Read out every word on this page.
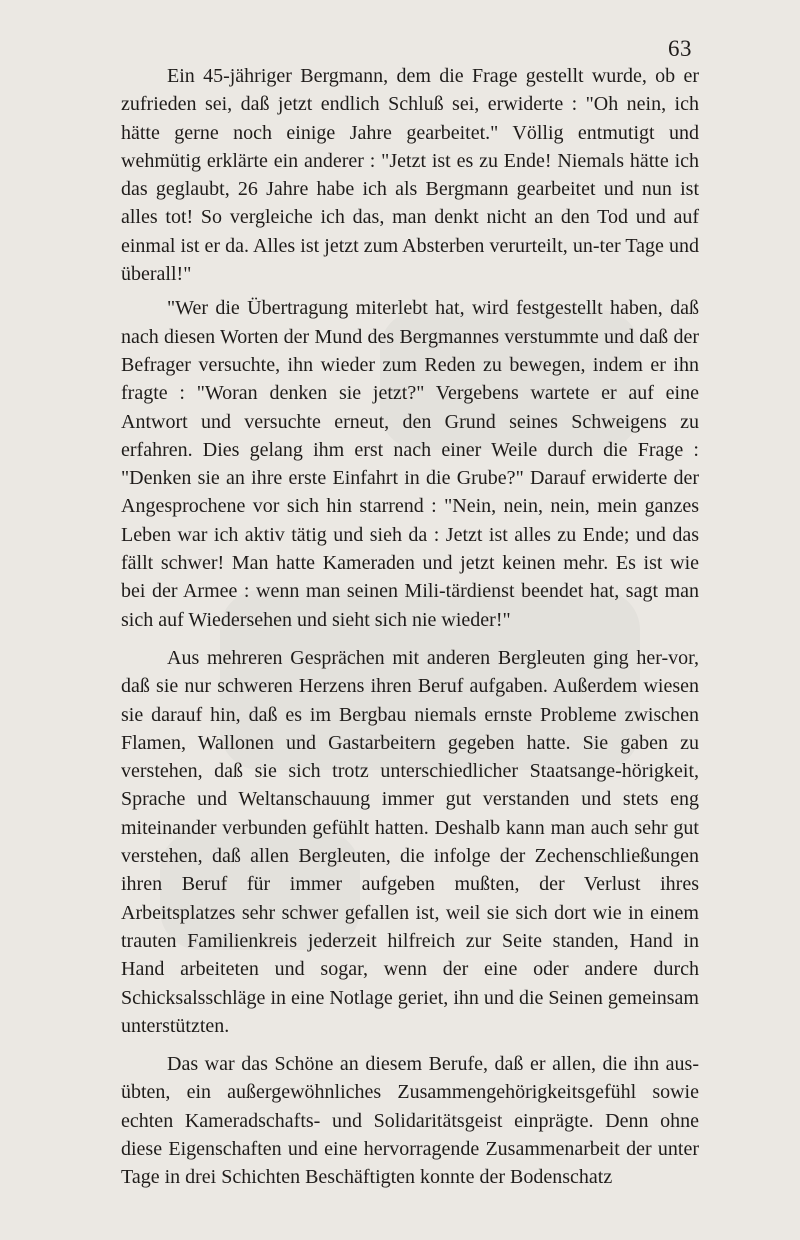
63

Ein 45-jähriger Bergmann, dem die Frage gestellt wurde, ob er zufrieden sei, daß jetzt endlich Schluß sei, erwiderte : "Oh nein, ich hätte gerne noch einige Jahre gearbeitet." Völlig entmutigt und wehmütig erklärte ein anderer : "Jetzt ist es zu Ende! Niemals hätte ich das geglaubt, 26 Jahre habe ich als Bergmann gearbeitet und nun ist alles tot! So vergleiche ich das, man denkt nicht an den Tod und auf einmal ist er da. Alles ist jetzt zum Absterben verurteilt, un-ter Tage und überall!"

"Wer die Übertragung miterlebt hat, wird festgestellt haben, daß nach diesen Worten der Mund des Bergmannes verstummte und daß der Befrager versuchte, ihn wieder zum Reden zu bewegen, indem er ihn fragte : "Woran denken sie jetzt?" Vergebens wartete er auf eine Antwort und versuchte erneut, den Grund seines Schweigens zu erfahren. Dies gelang ihm erst nach einer Weile durch die Frage : "Denken sie an ihre erste Einfahrt in die Grube?" Darauf erwiderte der Angesprochene vor sich hin starrend : "Nein, nein, nein, mein ganzes Leben war ich aktiv tätig und sieh da : Jetzt ist alles zu Ende; und das fällt schwer! Man hatte Kameraden und jetzt keinen mehr. Es ist wie bei der Armee : wenn man seinen Mili-tärdienst beendet hat, sagt man sich auf Wiedersehen und sieht sich nie wieder!"

Aus mehreren Gesprächen mit anderen Bergleuten ging her-vor, daß sie nur schweren Herzens ihren Beruf aufgaben. Außerdem wiesen sie darauf hin, daß es im Bergbau niemals ernste Probleme zwischen Flamen, Wallonen und Gastarbeitern gegeben hatte. Sie gaben zu verstehen, daß sie sich trotz unterschiedlicher Staatsange-hörigkeit, Sprache und Weltanschauung immer gut verstanden und stets eng miteinander verbunden gefühlt hatten. Deshalb kann man auch sehr gut verstehen, daß allen Bergleuten, die infolge der Zechenschließungen ihren Beruf für immer aufgeben mußten, der Verlust ihres Arbeitsplatzes sehr schwer gefallen ist, weil sie sich dort wie in einem trauten Familienkreis jederzeit hilfreich zur Seite standen, Hand in Hand arbeiteten und sogar, wenn der eine oder andere durch Schicksalsschläge in eine Notlage geriet, ihn und die Seinen gemeinsam unterstützten.

Das war das Schöne an diesem Berufe, daß er allen, die ihn aus-übten, ein außergewöhnliches Zusammengehörigkeitsgefühl sowie echten Kameradschafts- und Solidaritätsgeist einprägte. Denn ohne diese Eigenschaften und eine hervorragende Zusammenarbeit der unter Tage in drei Schichten Beschäftigten konnte der Bodenschatz
